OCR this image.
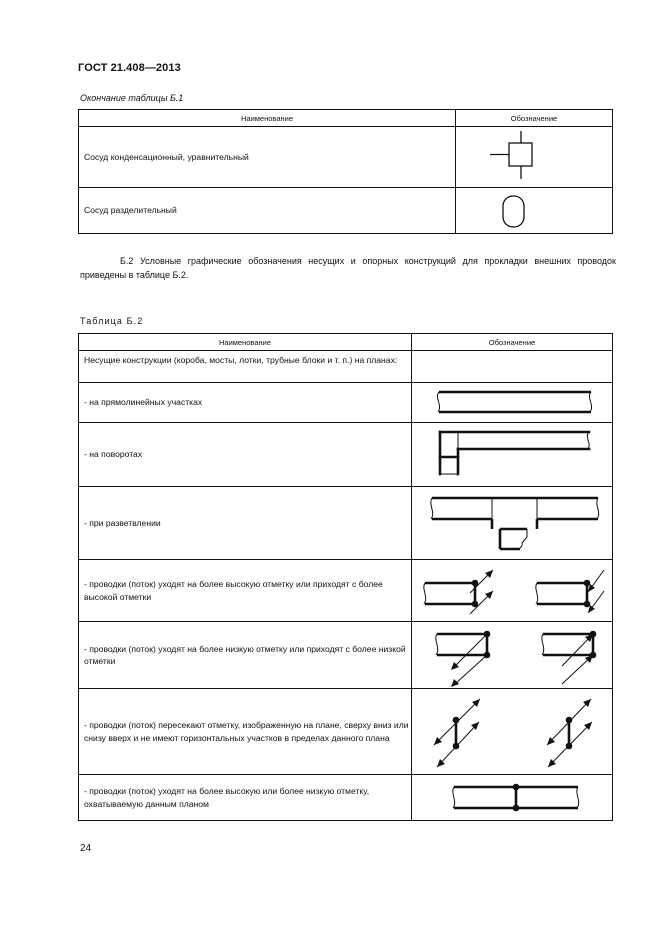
ГОСТ 21.408—2013
Окончание таблицы Б.1
Наименование	Обозначение
Сосуд конденсационный, уравнительный	

Сосуд разделительный	
Б.2 Условные графические обозначения несущих и опорных конструкций для прокладки внешних проводок приведены в таблице Б.2.
Таблица Б.2
Наименование	Обозначение
Несущие конструкции (короба, мосты, лотки, трубные блоки и т. п.) на планах:	
- на прямолинейных участках	

- на поворотах	

- при разветвлении	

- проводки (поток) уходят на более высокую отметку или приходят с более высокой отметки	

- проводки (поток) уходят на более низкую отметку или приходят с более низкой отметки	

- проводки (поток) пересекают отметку, изображенную на плане, сверху вниз или снизу вверх и не имеют горизонтальных участков в пределах данного плана	

- проводки (поток) уходят на более высокую или более низкую отметку, охватываемую данным планом	
24
